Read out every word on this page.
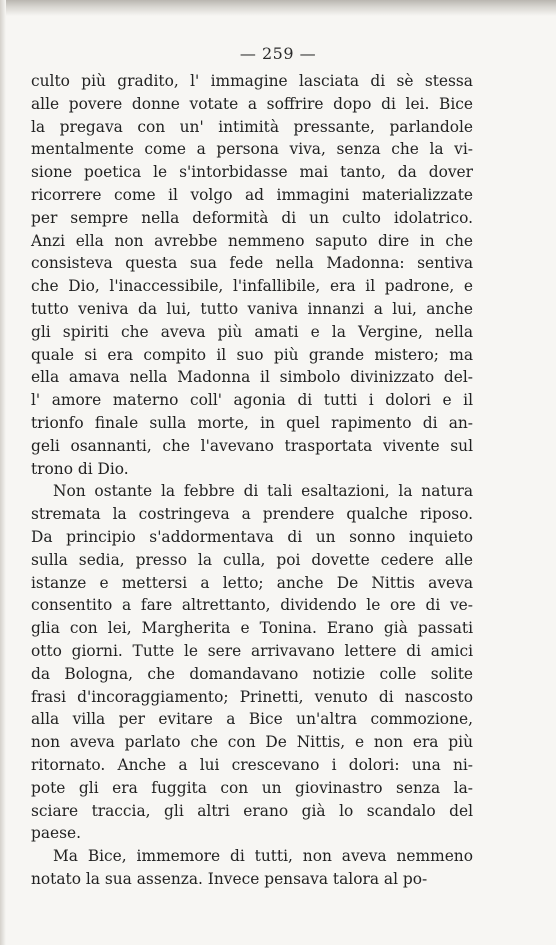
— 259 —
culto più gradito, l' immagine lasciata di sè stessa
alle povere donne votate a soffrire dopo di lei. Bice
la pregava con un' intimità pressante, parlandole
mentalmente come a persona viva, senza che la vi-
sione poetica le s'intorbidasse mai tanto, da dover
ricorrere come il volgo ad immagini materializzate
per sempre nella deformità di un culto idolatrico.
Anzi ella non avrebbe nemmeno saputo dire in che
consisteva questa sua fede nella Madonna: sentiva
che Dio, l'inaccessibile, l'infallibile, era il padrone, e
tutto veniva da lui, tutto vaniva innanzi a lui, anche
gli spiriti che aveva più amati e la Vergine, nella
quale si era compito il suo più grande mistero; ma
ella amava nella Madonna il simbolo divinizzato del-
l' amore materno coll' agonia di tutti i dolori e il
trionfo finale sulla morte, in quel rapimento di an-
geli osannanti, che l'avevano trasportata vivente sul
trono di Dio.
Non ostante la febbre di tali esaltazioni, la natura
stremata la costringeva a prendere qualche riposo.
Da principio s'addormentava di un sonno inquieto
sulla sedia, presso la culla, poi dovette cedere alle
istanze e mettersi a letto; anche De Nittis aveva
consentito a fare altrettanto, dividendo le ore di ve-
glia con lei, Margherita e Tonina. Erano già passati
otto giorni. Tutte le sere arrivavano lettere di amici
da Bologna, che domandavano notizie colle solite
frasi d'incoraggiamento; Prinetti, venuto di nascosto
alla villa per evitare a Bice un'altra commozione,
non aveva parlato che con De Nittis, e non era più
ritornato. Anche a lui crescevano i dolori: una ni-
pote gli era fuggita con un giovinastro senza la-
sciare traccia, gli altri erano già lo scandalo del
paese.
Ma Bice, immemore di tutti, non aveva nemmeno
notato la sua assenza. Invece pensava talora al po-
